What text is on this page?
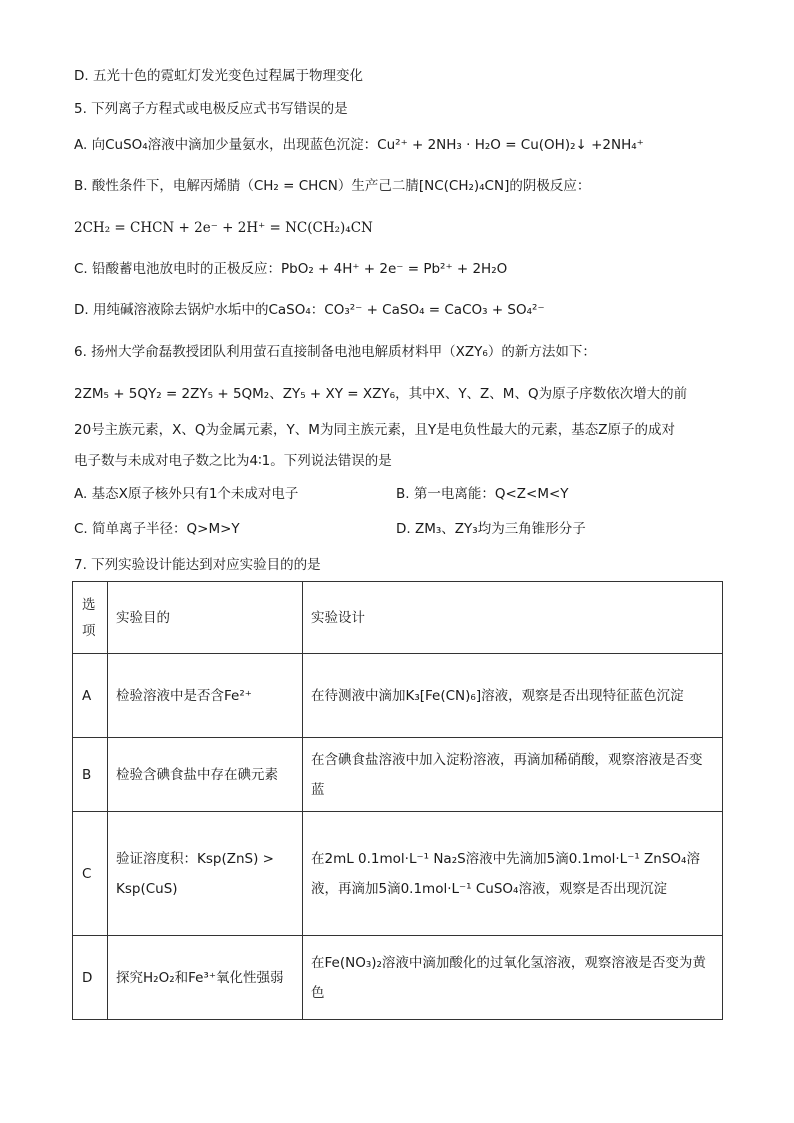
D. 五光十色的霓虹灯发光变色过程属于物理变化
5. 下列离子方程式或电极反应式书写错误的是
A. 向CuSO₄溶液中滴加少量氨水，出现蓝色沉淀：Cu²⁺ + 2NH₃ · H₂O = Cu(OH)₂↓ +2NH₄⁺
B. 酸性条件下，电解丙烯腈（CH₂ = CHCN）生产己二腈[NC(CH₂)₄CN]的阴极反应：
2CH₂ = CHCN + 2e⁻ + 2H⁺ = NC(CH₂)₄CN
C. 铅酸蓄电池放电时的正极反应：PbO₂ + 4H⁺ + 2e⁻ = Pb²⁺ + 2H₂O
D. 用纯碱溶液除去锅炉水垢中的CaSO₄：CO₃²⁻ + CaSO₄ = CaCO₃ + SO₄²⁻
6. 扬州大学俞磊教授团队利用萤石直接制备电池电解质材料甲（XZY₆）的新方法如下：
2ZM₅ + 5QY₂ = 2ZY₅ + 5QM₂、ZY₅ + XY = XZY₆，其中X、Y、Z、M、Q为原子序数依次增大的前
20号主族元素，X、Q为金属元素，Y、M为同主族元素，且Y是电负性最大的元素，基态Z原子的成对
电子数与未成对电子数之比为4∶1。下列说法错误的是
A. 基态X原子核外只有1个未成对电子	B. 第一电离能：Q<Z<M<Y
C. 简单离子半径：Q>M>Y	D. ZM₃、ZY₃均为三角锥形分子
7. 下列实验设计能达到对应实验目的的是
选项	实验目的	实验设计
A	检验溶液中是否含Fe²⁺	在待测液中滴加K₃[Fe(CN)₆]溶液，观察是否出现特征蓝色沉淀
B	检验含碘食盐中存在碘元素	在含碘食盐溶液中加入淀粉溶液，再滴加稀硝酸，观察溶液是否变蓝
C	验证溶度积：Ksp(ZnS) > Ksp(CuS)	在2mL 0.1mol·L⁻¹ Na₂S溶液中先滴加5滴0.1mol·L⁻¹ ZnSO₄溶液，再滴加5滴0.1mol·L⁻¹ CuSO₄溶液，观察是否出现沉淀
D	探究H₂O₂和Fe³⁺氧化性强弱	在Fe(NO₃)₂溶液中滴加酸化的过氧化氢溶液，观察溶液是否变为黄色
